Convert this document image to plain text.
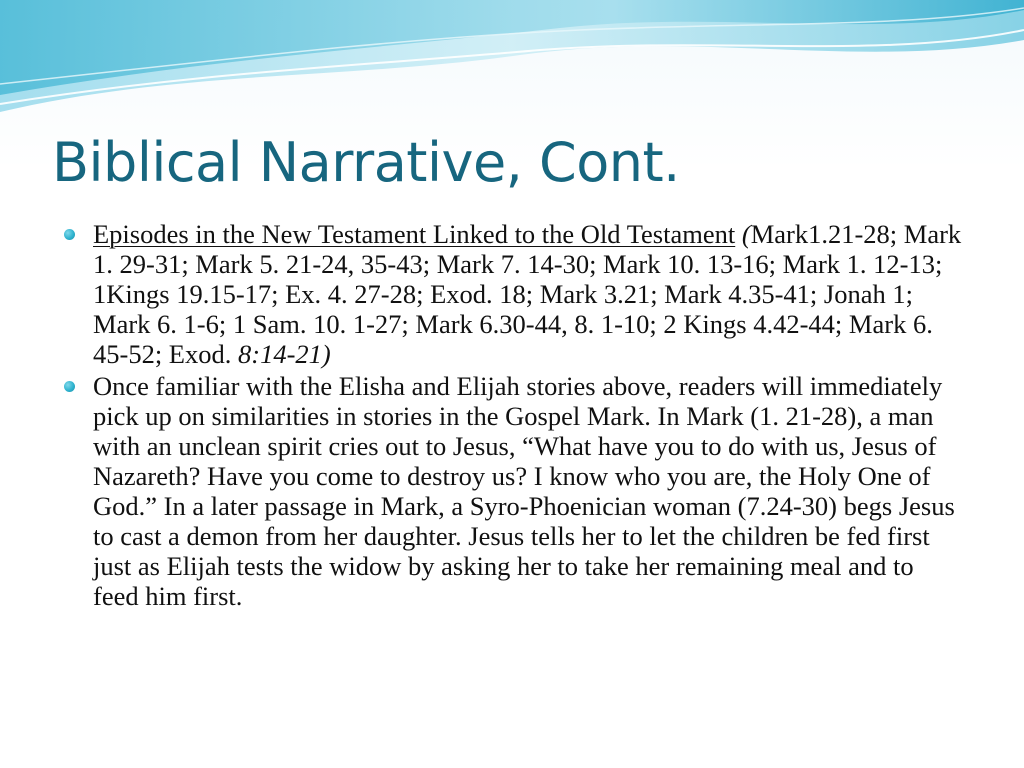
Biblical Narrative, Cont.
Episodes in the New Testament Linked to the Old Testament (Mark1.21-28; Mark 1. 29-31; Mark 5. 21-24, 35-43; Mark 7. 14-30; Mark 10. 13-16; Mark 1. 12-13; 1Kings 19.15-17; Ex. 4. 27-28; Exod. 18; Mark 3.21; Mark 4.35-41; Jonah 1; Mark 6. 1-6; 1 Sam. 10. 1-27; Mark 6.30-44, 8. 1-10; 2 Kings 4.42-44; Mark 6. 45-52; Exod. 8:14-21)
Once familiar with the Elisha and Elijah stories above, readers will immediately pick up on similarities in stories in the Gospel Mark. In Mark (1. 21-28), a man with an unclean spirit cries out to Jesus, “What have you to do with us, Jesus of Nazareth? Have you come to destroy us? I know who you are, the Holy One of God.” In a later passage in Mark, a Syro-Phoenician woman (7.24-30) begs Jesus to cast a demon from her daughter. Jesus tells her to let the children be fed first just as Elijah tests the widow by asking her to take her remaining meal and to feed him first.
